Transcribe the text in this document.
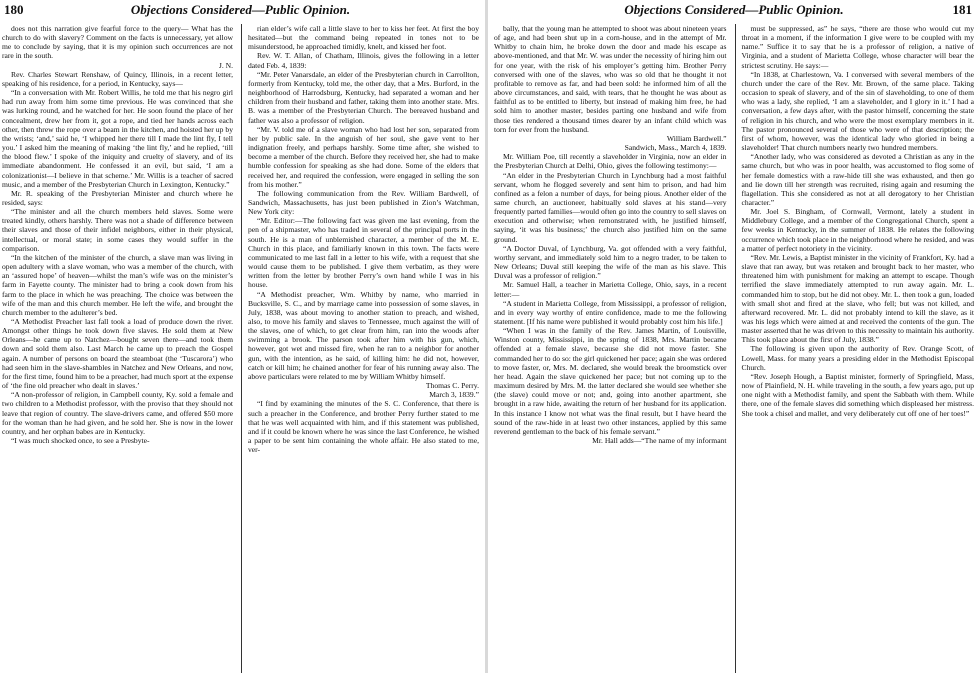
180	Objections Considered—Public Opinion.

does not this narration give fearful force to the query— What has the church to do with slavery? Comment on the facts is unnecessary, yet allow me to conclude by saying, that it is my opinion such occurrences are not rare in the south.

J. N.

Rev. Charles Stewart Renshaw, of Quincy, Illinois, in a recent letter, speaking of his residence, for a period, in Kentucky, says—

“In a conversation with Mr. Robert Willis, he told me that his negro girl had run away from him some time previous. He was convinced that she was lurking round, and he watched for her. He soon found the place of her concealment, drew her from it, got a rope, and tied her hands across each other, then threw the rope over a beam in the kitchen, and hoisted her up by the wrists; ‘and,’ said he, ‘I whipped her there till I made the lint fly, I tell you.’ I asked him the meaning of making ‘the lint fly,’ and he replied, ‘till the blood flew.’ I spoke of the iniquity and cruelty of slavery, and of its immediate abandonment. He confessed it an evil, but said, ‘I am a colonizationist—I believe in that scheme.’ Mr. Willis is a teacher of sacred music, and a member of the Presbyterian Church in Lexington, Kentucky.”

Mr. R. speaking of the Presbyterian Minister and church where he resided, says:

“The minister and all the church members held slaves. Some were treated kindly, others harshly. There was not a shade of difference between their slaves and those of their infidel neighbors, either in their physical, intellectual, or moral state; in some cases they would suffer in the comparison.

“In the kitchen of the minister of the church, a slave man was living in open adultery with a slave woman, who was a member of the church, with an ‘assured hope’ of heaven—whilst the man’s wife was on the minister’s farm in Fayette county. The minister had to bring a cook down from his farm to the place in which he was preaching. The choice was between the wife of the man and this church member. He left the wife, and brought the church member to the adulterer’s bed.

“A Methodist Preacher last fall took a load of produce down the river. Amongst other things he took down five slaves. He sold them at New Orleans—he came up to Natchez—bought seven there—and took them down and sold them also. Last March he came up to preach the Gospel again. A number of persons on board the steamboat (the ‘Tuscarora’) who had seen him in the slave-shambles in Natchez and New Orleans, and now, for the first time, found him to be a preacher, had much sport at the expense of ‘the fine old preacher who dealt in slaves.’

“A non-professor of religion, in Campbell county, Ky. sold a female and two children to a Methodist professor, with the proviso that they should not leave that region of country. The slave-drivers came, and offered $50 more for the woman than he had given, and he sold her. She is now in the lower country, and her orphan babes are in Kentucky.

“I was much shocked once, to see a Presbyte-

rian elder’s wife call a little slave to her to kiss her feet. At first the boy hesitated—but the command being repeated in tones not to be misunderstood, he approached timidly, knelt, and kissed her foot.

Rev. W. T. Allan, of Chatham, Illinois, gives the following in a letter dated Feb. 4, 1839:

“Mr. Peter Vanarsdale, an elder of the Presbyterian church in Carrollton, formerly from Kentucky, told me, the other day, that a Mrs. Burford, in the neighborhood of Harrodsburg, Kentucky, had separated a woman and her children from their husband and father, taking them into another state. Mrs. B. was a member of the Presbyterian Church. The bereaved husband and father was also a professor of religion.

“Mr. V. told me of a slave woman who had lost her son, separated from her by public sale. In the anguish of her soul, she gave vent to her indignation freely, and perhaps harshly. Some time after, she wished to become a member of the church. Before they received her, she had to make humble confession for speaking as she had done. Some of the elders that received her, and required the confession, were engaged in selling the son from his mother.”

The following communication from the Rev. William Bardwell, of Sandwich, Massachusetts, has just been published in Zion’s Watchman, New York city:

“Mr. Editor:—The following fact was given me last evening, from the pen of a shipmaster, who has traded in several of the principal ports in the south. He is a man of unblemished character, a member of the M. E. Church in this place, and familiarly known in this town. The facts were communicated to me last fall in a letter to his wife, with a request that she would cause them to be published. I give them verbatim, as they were written from the letter by brother Perry’s own hand while I was in his house.

“A Methodist preacher, Wm. Whitby by name, who married in Bucksville, S. C., and by marriage came into possession of some slaves, in July, 1838, was about moving to another station to preach, and wished, also, to move his family and slaves to Tennessee, much against the will of the slaves, one of which, to get clear from him, ran into the woods after swimming a brook. The parson took after him with his gun, which, however, got wet and missed fire, when he ran to a neighbor for another gun, with the intention, as he said, of killing him: he did not, however, catch or kill him; he chained another for fear of his running away also. The above particulars were related to me by William Whitby himself.

Thomas C. Perry.

March 3, 1839.”

“I find by examining the minutes of the S. C. Conference, that there is such a preacher in the Conference, and brother Perry further stated to me that he was well acquainted with him, and if this statement was published, and if it could be known where he was since the last Conference, he wished a paper to be sent him containing the whole affair. He also stated to me, ver-

Objections Considered—Public Opinion.	181

bally, that the young man he attempted to shoot was about nineteen years of age, and had been shut up in a corn-house, and in the attempt of Mr. Whitby to chain him, he broke down the door and made his escape as above-mentioned, and that Mr. W. was under the necessity of hiring him out for one year, with the risk of his employer’s getting him. Brother Perry conversed with one of the slaves, who was so old that he thought it not profitable to remove as far, and had been sold: he informed him of all the above circumstances, and said, with tears, that he thought he was about as faithful as to be entitled to liberty, but instead of making him free, he had sold him to another master, besides parting one husband and wife from those ties rendered a thousand times dearer by an infant child which was torn for ever from the husband.

William Bardwell.”

Sandwich, Mass., March 4, 1839.

Mr. William Poe, till recently a slaveholder in Virginia, now an elder in the Presbyterian Church at Delhi, Ohio, gives the following testimony:—

“An elder in the Presbyterian Church in Lynchburg had a most faithful servant, whom he flogged severely and sent him to prison, and had him confined as a felon a number of days, for being pious. Another elder of the same church, an auctioneer, habitually sold slaves at his stand—very frequently parted families—would often go into the country to sell slaves on execution and otherwise; when remonstrated with, he justified himself, saying, ‘it was his business;’ the church also justified him on the same ground.

“A Doctor Duval, of Lynchburg, Va. got offended with a very faithful, worthy servant, and immediately sold him to a negro trader, to be taken to New Orleans; Duval still keeping the wife of the man as his slave. This Duval was a professor of religion.”

Mr. Samuel Hall, a teacher in Marietta College, Ohio, says, in a recent letter:—

“A student in Marietta College, from Mississippi, a professor of religion, and in every way worthy of entire confidence, made to me the following statement. [If his name were published it would probably cost him his life.]

“When I was in the family of the Rev. James Martin, of Louisville, Winston county, Mississippi, in the spring of 1838, Mrs. Martin became offended at a female slave, because she did not move faster. She commanded her to do so: the girl quickened her pace; again she was ordered to move faster, or, Mrs. M. declared, she would break the broomstick over her head. Again the slave quickened her pace; but not coming up to the maximum desired by Mrs. M. the latter declared she would see whether she (the slave) could move or not; and, going into another apartment, she brought in a raw hide, awaiting the return of her husband for its application. In this instance I know not what was the final result, but I have heard the sound of the raw-hide in at least two other instances, applied by this same reverend gentleman to the back of his female servant.”

Mr. Hall adds—“The name of my informant

must be suppressed, as” he says, “there are those who would cut my throat in a moment, if the information I give were to be coupled with my name.” Suffice it to say that he is a professor of religion, a native of Virginia, and a student of Marietta College, whose character will bear the strictest scrutiny. He says:—

“In 1838, at Charlestown, Va. I conversed with several members of the church under the care of the Rev. Mr. Brown, of the same place. Taking occasion to speak of slavery, and of the sin of slaveholding, to one of them who was a lady, she replied, ‘I am a slaveholder, and I glory in it.’ I had a conversation, a few days after, with the pastor himself, concerning the state of religion in his church, and who were the most exemplary members in it. The pastor pronounced several of those who were of that description; the first of whom, however, was the identical lady who gloried in being a slaveholder! That church numbers nearly two hundred members.

“Another lady, who was considered as devoted a Christian as any in the same church, but who was in poor health, was accustomed to flog some of her female domestics with a raw-hide till she was exhausted, and then go and lie down till her strength was recruited, rising again and resuming the flagellation. This she considered as not at all derogatory to her Christian character.”

Mr. Joel S. Bingham, of Cornwall, Vermont, lately a student in Middlebury College, and a member of the Congregational Church, spent a few weeks in Kentucky, in the summer of 1838. He relates the following occurrence which took place in the neighborhood where he resided, and was a matter of perfect notoriety in the vicinity.

“Rev. Mr. Lewis, a Baptist minister in the vicinity of Frankfort, Ky. had a slave that ran away, but was retaken and brought back to her master, who threatened him with punishment for making an attempt to escape. Though terrified the slave immediately attempted to run away again. Mr. L. commanded him to stop, but he did not obey. Mr. L. then took a gun, loaded with small shot and fired at the slave, who fell; but was not killed, and afterward recovered. Mr. L. did not probably intend to kill the slave, as it was his legs which were aimed at and received the contents of the gun. The master asserted that he was driven to this necessity to maintain his authority. This took place about the first of July, 1838.”

The following is given upon the authority of Rev. Orange Scott, of Lowell, Mass. for many years a presiding elder in the Methodist Episcopal Church.

“Rev. Joseph Hough, a Baptist minister, formerly of Springfield, Mass, now of Plainfield, N. H. while traveling in the south, a few years ago, put up one night with a Methodist family, and spent the Sabbath with them. While there, one of the female slaves did something which displeased her mistress. She took a chisel and mallet, and very deliberately cut off one of her toes!”
